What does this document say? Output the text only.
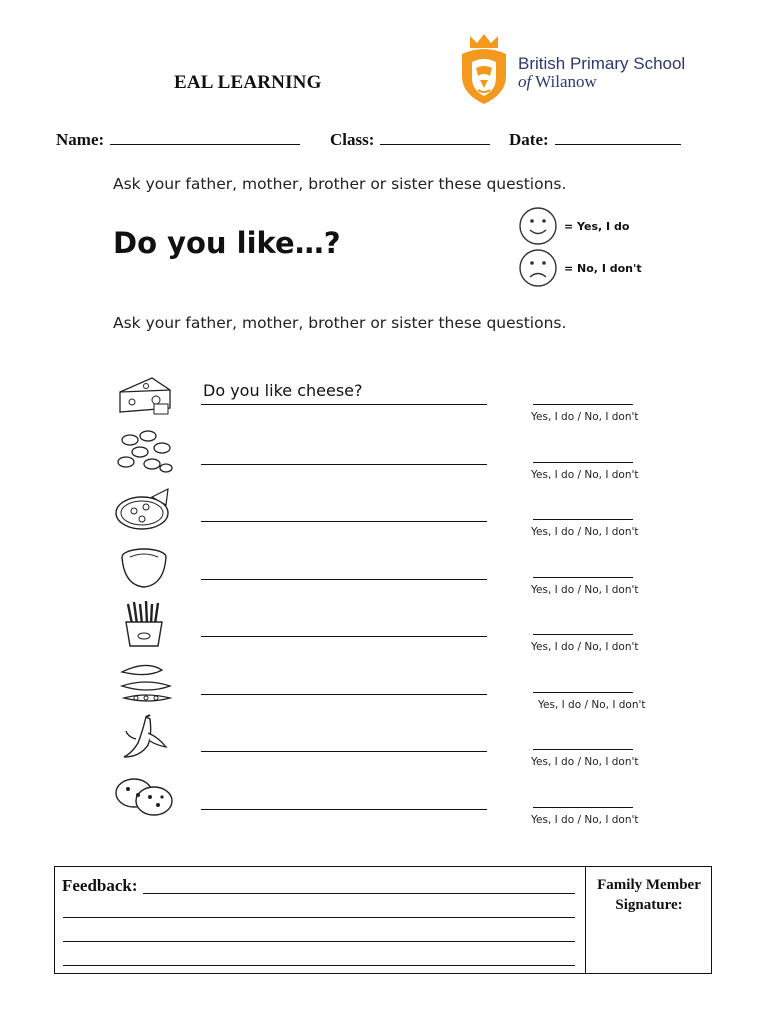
EAL LEARNING
British Primary School
of Wilanow
Name:	Class:	Date:
Ask your father, mother, brother or sister these questions.
Do you like…?	= Yes, I do
= No, I don't
Ask your father, mother, brother or sister these questions.
Do you like cheese?
Yes, I do / No, I don't
Yes, I do / No, I don't
Yes, I do / No, I don't
Yes, I do / No, I don't
Yes, I do / No, I don't
Yes, I do / No, I don't
Yes, I do / No, I don't
Yes, I do / No, I don't
Feedback:	Family Member Signature:
